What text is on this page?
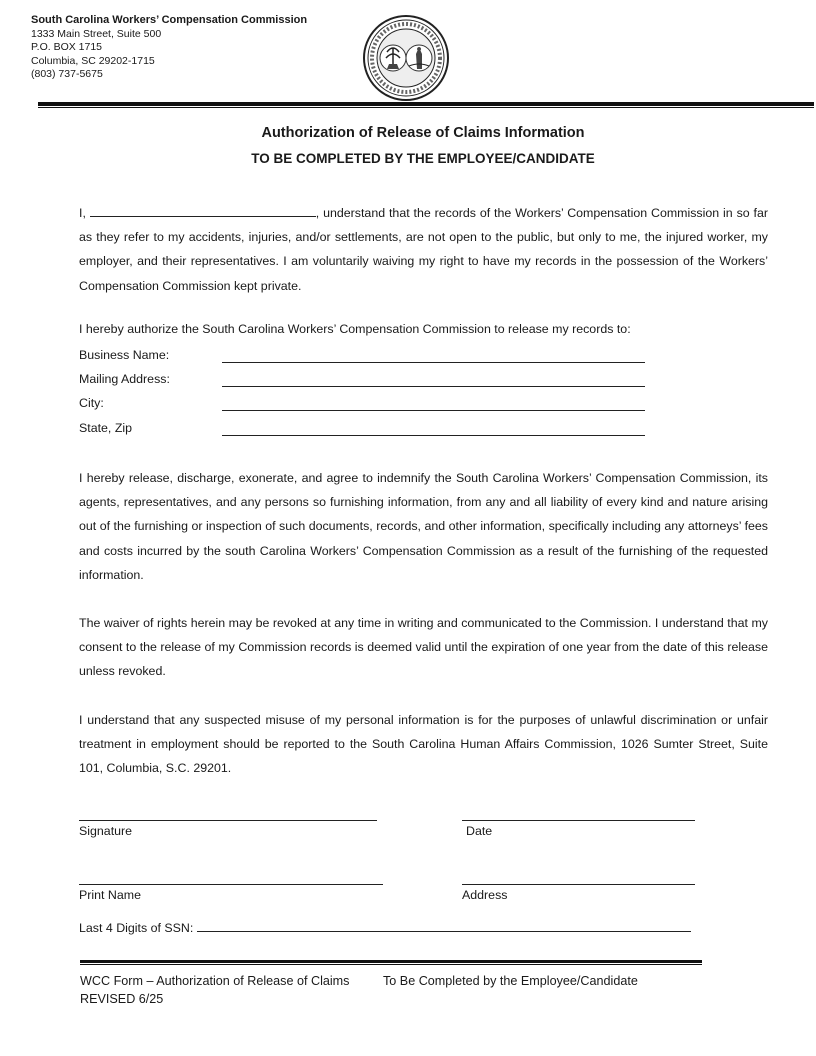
South Carolina Workers’ Compensation Commission
1333 Main Street, Suite 500
P.O. BOX 1715
Columbia, SC 29202-1715
(803) 737-5675
Authorization of Release of Claims Information
TO BE COMPLETED BY THE EMPLOYEE/CANDIDATE
I,	, understand that the records of the Workers’ Compensation Commission in so far as they refer to my accidents, injuries, and/or settlements, are not open to the public, but only to me, the injured worker, my employer, and their representatives. I am voluntarily waiving my right to have my records in the possession of the Workers’ Compensation Commission kept private.
I hereby authorize the South Carolina Workers’ Compensation Commission to release my records to:
Business Name:
Mailing Address:
City:
State, Zip
I hereby release, discharge, exonerate, and agree to indemnify the South Carolina Workers’ Compensation Commission, its agents, representatives, and any persons so furnishing information, from any and all liability of every kind and nature arising out of the furnishing or inspection of such documents, records, and other information, specifically including any attorneys’ fees and costs incurred by the south Carolina Workers’ Compensation Commission as a result of the furnishing of the requested information.
The waiver of rights herein may be revoked at any time in writing and communicated to the Commission. I understand that my consent to the release of my Commission records is deemed valid until the expiration of one year from the date of this release unless revoked.
I understand that any suspected misuse of my personal information is for the purposes of unlawful discrimination or unfair treatment in employment should be reported to the South Carolina Human Affairs Commission, 1026 Sumter Street, Suite 101, Columbia, S.C. 29201.
Signature	Date
Print Name	Address
Last 4 Digits of SSN:
WCC Form – Authorization of Release of Claims	To Be Completed by the Employee/Candidate
REVISED 6/25
